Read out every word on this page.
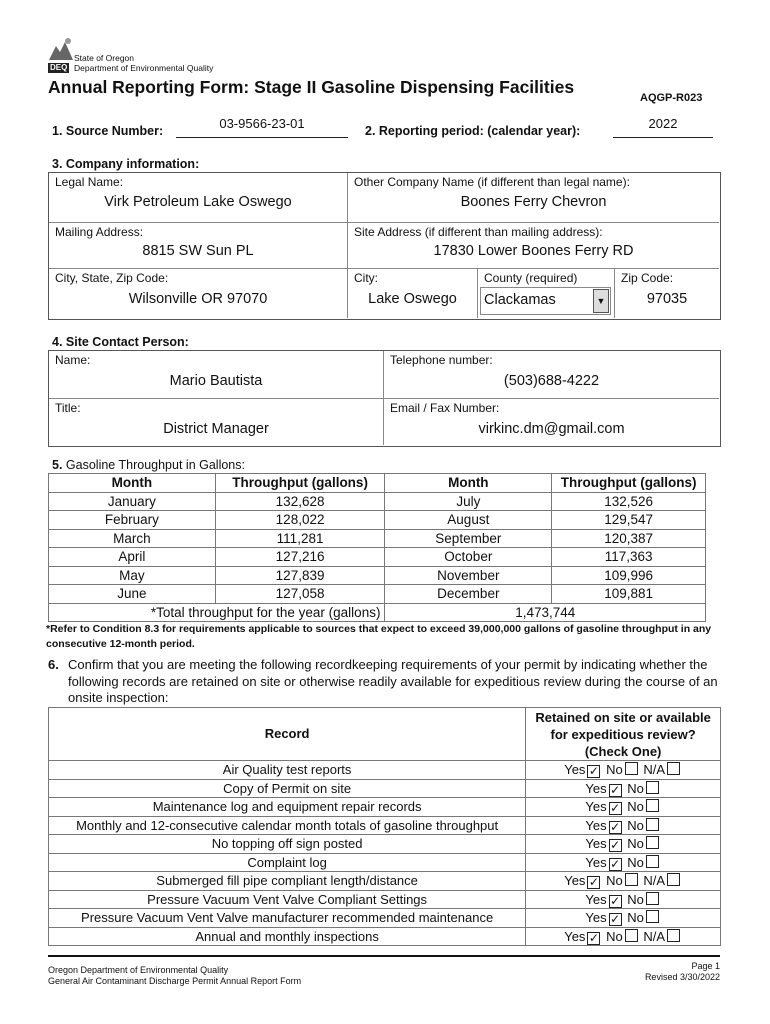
State of Oregon
DEQ Department of Environmental Quality
Annual Reporting Form: Stage II Gasoline Dispensing Facilities
AQGP-R023
1. Source Number:	03-9566-23-01	2. Reporting period: (calendar year):	2022
3. Company information:
Legal Name:
Virk Petroleum Lake Oswego
Other Company Name (if different than legal name):
Boones Ferry Chevron
Mailing Address:
8815 SW Sun PL
Site Address (if different than mailing address):
17830 Lower Boones Ferry RD
City, State, Zip Code:
Wilsonville OR 97070
City:
Lake Oswego
County (required)
Clackamas	▼
Zip Code:
97035
4. Site Contact Person:
Name:
Mario Bautista
Telephone number:
(503)688-4222
Title:
District Manager
Email / Fax Number:
virkinc.dm@gmail.com
5. Gasoline Throughput in Gallons:
Month	Throughput (gallons)	Month	Throughput (gallons)
January	132,628	July	132,526
February	128,022	August	129,547
March	111,281	September	120,387
April	127,216	October	117,363
May	127,839	November	109,996
June	127,058	December	109,881
*Total throughput for the year (gallons)		1,473,744	
*Refer to Condition 8.3 for requirements applicable to sources that expect to exceed 39,000,000 gallons of gasoline throughput in any consecutive 12-month period.
6. Confirm that you are meeting the following recordkeeping requirements of your permit by indicating whether the following records are retained on site or otherwise readily available for expeditious review during the course of an onsite inspection:
Record	Retained on site or available for expeditious review? (Check One)
Air Quality test reports	Yes ✓ No N/A
Copy of Permit on site	Yes ✓ No
Maintenance log and equipment repair records	Yes ✓ No
Monthly and 12-consecutive calendar month totals of gasoline throughput	Yes ✓ No
No topping off sign posted	Yes ✓ No
Complaint log	Yes ✓ No
Submerged fill pipe compliant length/distance	Yes ✓ No N/A
Pressure Vacuum Vent Valve Compliant Settings	Yes ✓ No
Pressure Vacuum Vent Valve manufacturer recommended maintenance	Yes ✓ No
Annual and monthly inspections	Yes ✓ No N/A
Oregon Department of Environmental Quality
General Air Contaminant Discharge Permit Annual Report Form
Page 1
Revised 3/30/2022
